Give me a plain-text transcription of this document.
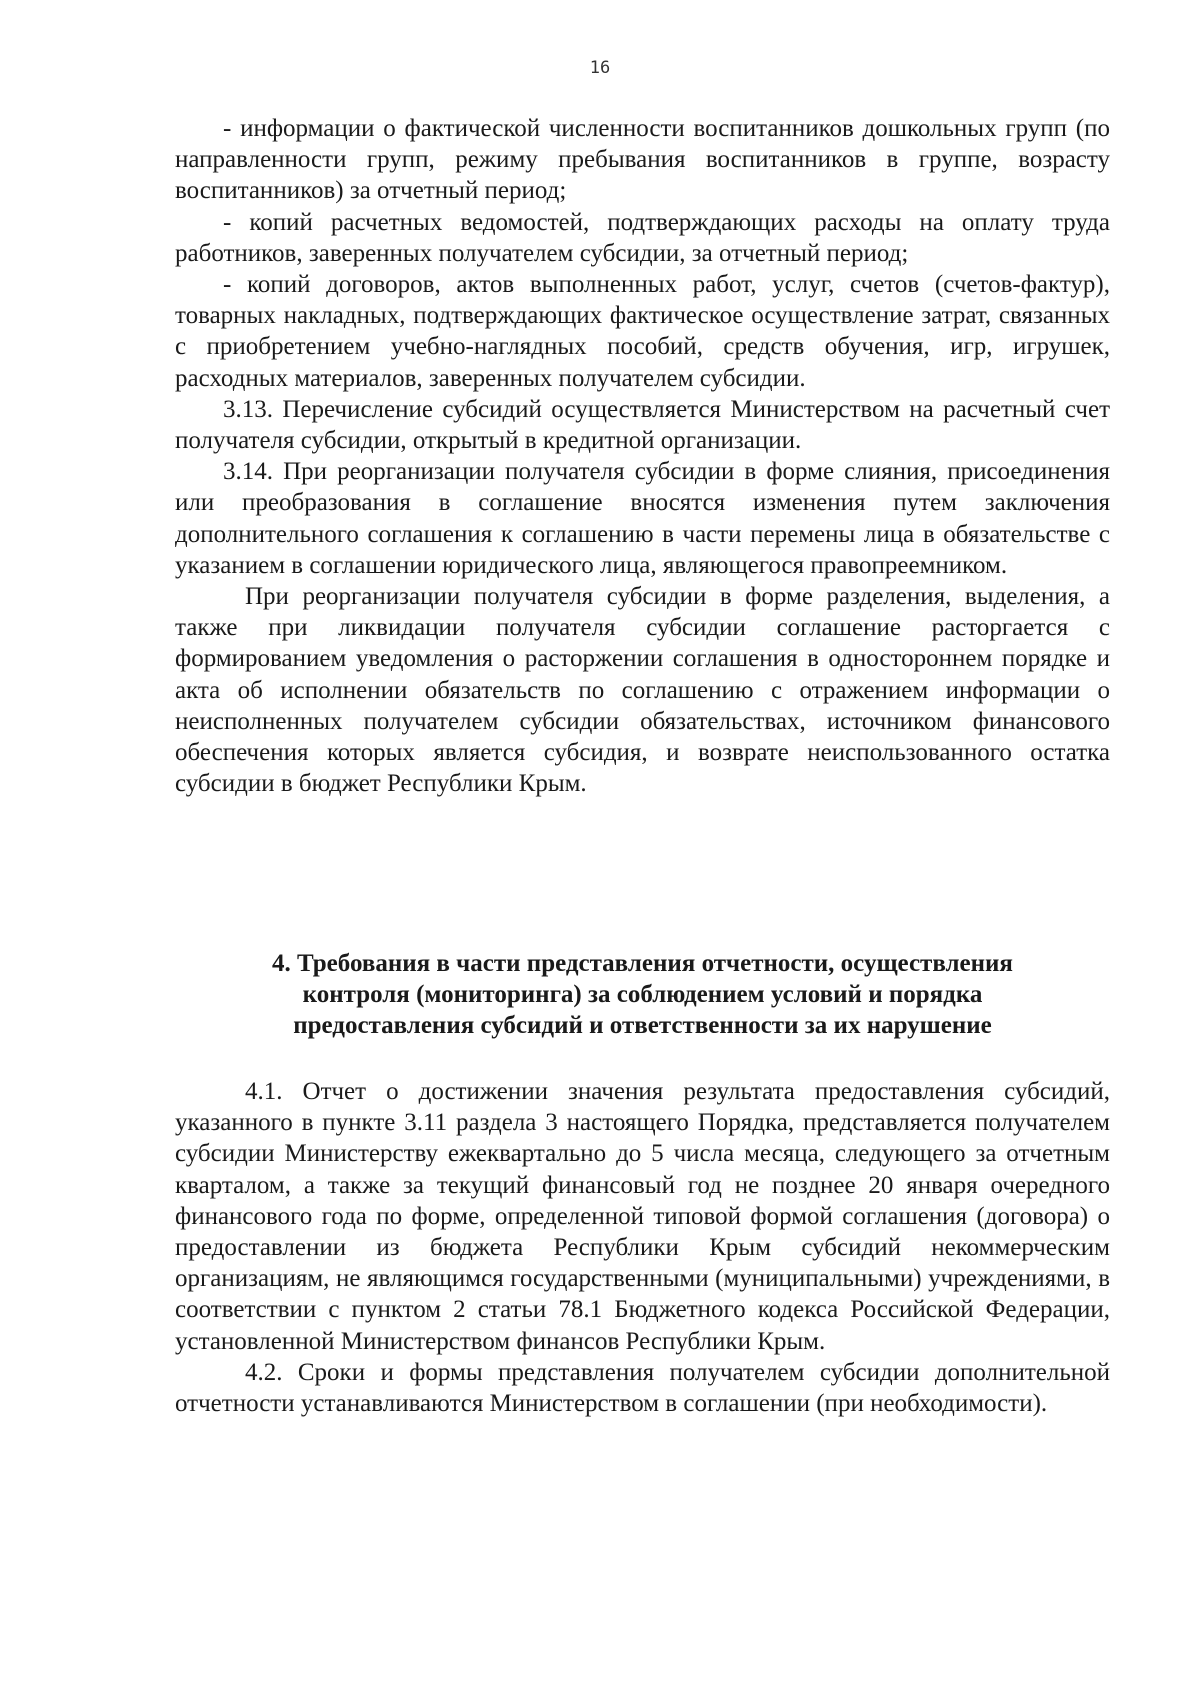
16

- информации о фактической численности воспитанников дошкольных групп (по направленности групп, режиму пребывания воспитанников в группе, возрасту воспитанников) за отчетный период;

- копий расчетных ведомостей, подтверждающих расходы на оплату труда работников, заверенных получателем субсидии, за отчетный период;

- копий договоров, актов выполненных работ, услуг, счетов (счетов-фактур), товарных накладных, подтверждающих фактическое осуществление затрат, связанных с приобретением учебно-наглядных пособий, средств обучения, игр, игрушек, расходных материалов, заверенных получателем субсидии.

3.13. Перечисление субсидий осуществляется Министерством на расчетный счет получателя субсидии, открытый в кредитной организации.

3.14. При реорганизации получателя субсидии в форме слияния, присоединения или преобразования в соглашение вносятся изменения путем заключения дополнительного соглашения к соглашению в части перемены лица в обязательстве с указанием в соглашении юридического лица, являющегося правопреемником.

При реорганизации получателя субсидии в форме разделения, выделения, а также при ликвидации получателя субсидии соглашение расторгается с формированием уведомления о расторжении соглашения в одностороннем порядке и акта об исполнении обязательств по соглашению с отражением информации о неисполненных получателем субсидии обязательствах, источником финансового обеспечения которых является субсидия, и возврате неиспользованного остатка субсидии в бюджет Республики Крым.

4. Требования в части представления отчетности, осуществления
контроля (мониторинга) за соблюдением условий и порядка
предоставления субсидий и ответственности за их нарушение

4.1. Отчет о достижении значения результата предоставления субсидий, указанного в пункте 3.11 раздела 3 настоящего Порядка, представляется получателем субсидии Министерству ежеквартально до 5 числа месяца, следующего за отчетным кварталом, а также за текущий финансовый год не позднее 20 января очередного финансового года по форме, определенной типовой формой соглашения (договора) о предоставлении из бюджета Республики Крым субсидий некоммерческим организациям, не являющимся государственными (муниципальными) учреждениями, в соответствии с пунктом 2 статьи 78.1 Бюджетного кодекса Российской Федерации, установленной Министерством финансов Республики Крым.

4.2. Сроки и формы представления получателем субсидии дополнительной отчетности устанавливаются Министерством в соглашении (при необходимости).
